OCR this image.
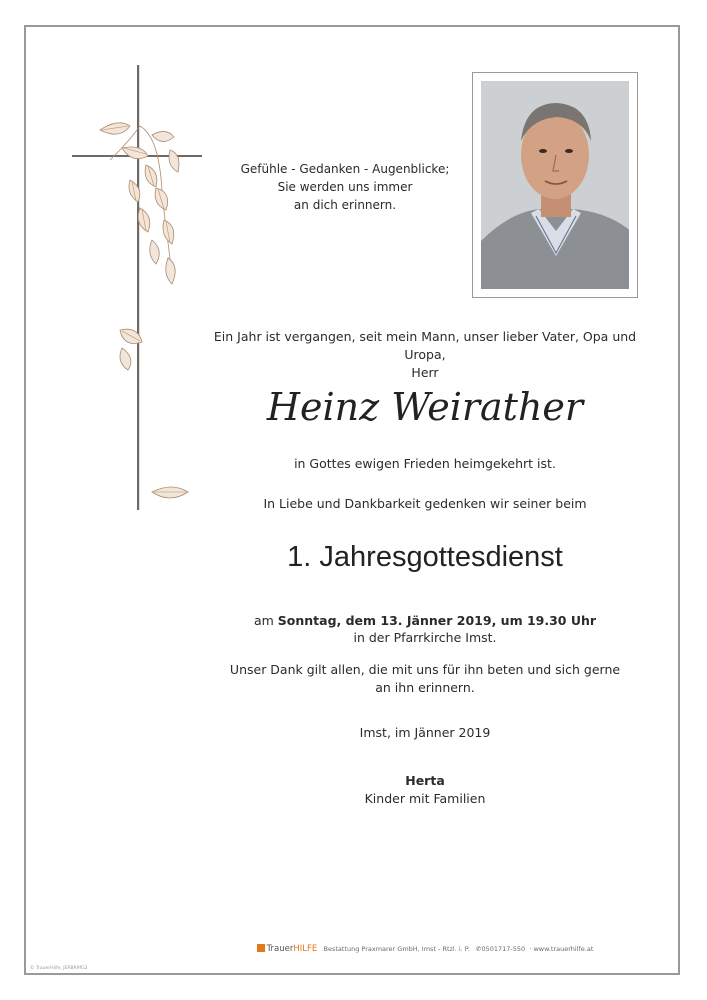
Gefühle - Gedanken - Augenblicke;
Sie werden uns immer
an dich erinnern.
Ein Jahr ist vergangen, seit mein Mann, unser lieber Vater, Opa und Uropa,
Herr
Heinz Weirather
in Gottes ewigen Frieden heimgekehrt ist.
In Liebe und Dankbarkeit gedenken wir seiner beim
1. Jahresgottesdienst
am Sonntag, dem 13. Jänner 2019, um 19.30 Uhr
in der Pfarrkirche Imst.
Unser Dank gilt allen, die mit uns für ihn beten und sich gerne
an ihn erinnern.
Imst, im Jänner 2019
Herta
Kinder mit Familien
TrauerHILFE Bestattung Praxmarer GmbH, Imst - Rtzl. i. P. ✆0501717-550 · www.trauerhilfe.at
© TrauerHilfe, JERBR9fG2
